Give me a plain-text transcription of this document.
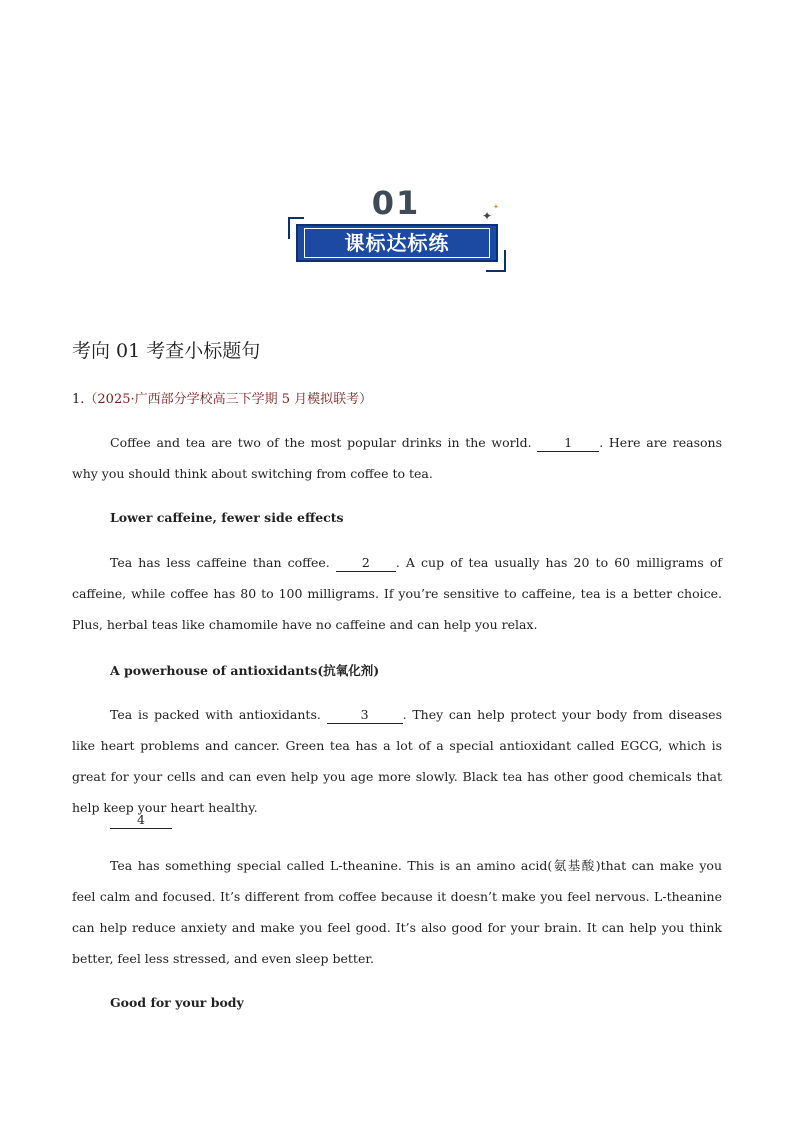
01
课标达标练
✦
✦
考向 01 考查小标题句
1.（2025·广西部分学校高三下学期 5 月模拟联考）
Coffee and tea are two of the most popular drinks in the world. 1 . Here are reasons why you should think about switching from coffee to tea.
Lower caffeine, fewer side effects
Tea has less caffeine than coffee. 2 . A cup of tea usually has 20 to 60 milligrams of caffeine, while coffee has 80 to 100 milligrams. If you’re sensitive to caffeine, tea is a better choice. Plus, herbal teas like chamomile have no caffeine and can help you relax.
A powerhouse of antioxidants(抗氧化剂)
Tea is packed with antioxidants.	3	. They can help protect your body from diseases like heart problems and cancer. Green tea has a lot of a special antioxidant called EGCG, which is great for your cells and can even help you age more slowly. Black tea has other good chemicals that help keep your heart healthy.
4
Tea has something special called L-theanine. This is an amino acid(氨基酸)that can make you feel calm and focused. It’s different from coffee because it doesn’t make you feel nervous. L-theanine can help reduce anxiety and make you feel good. It’s also good for your brain. It can help you think better, feel less stressed, and even sleep better.
Good for your body
